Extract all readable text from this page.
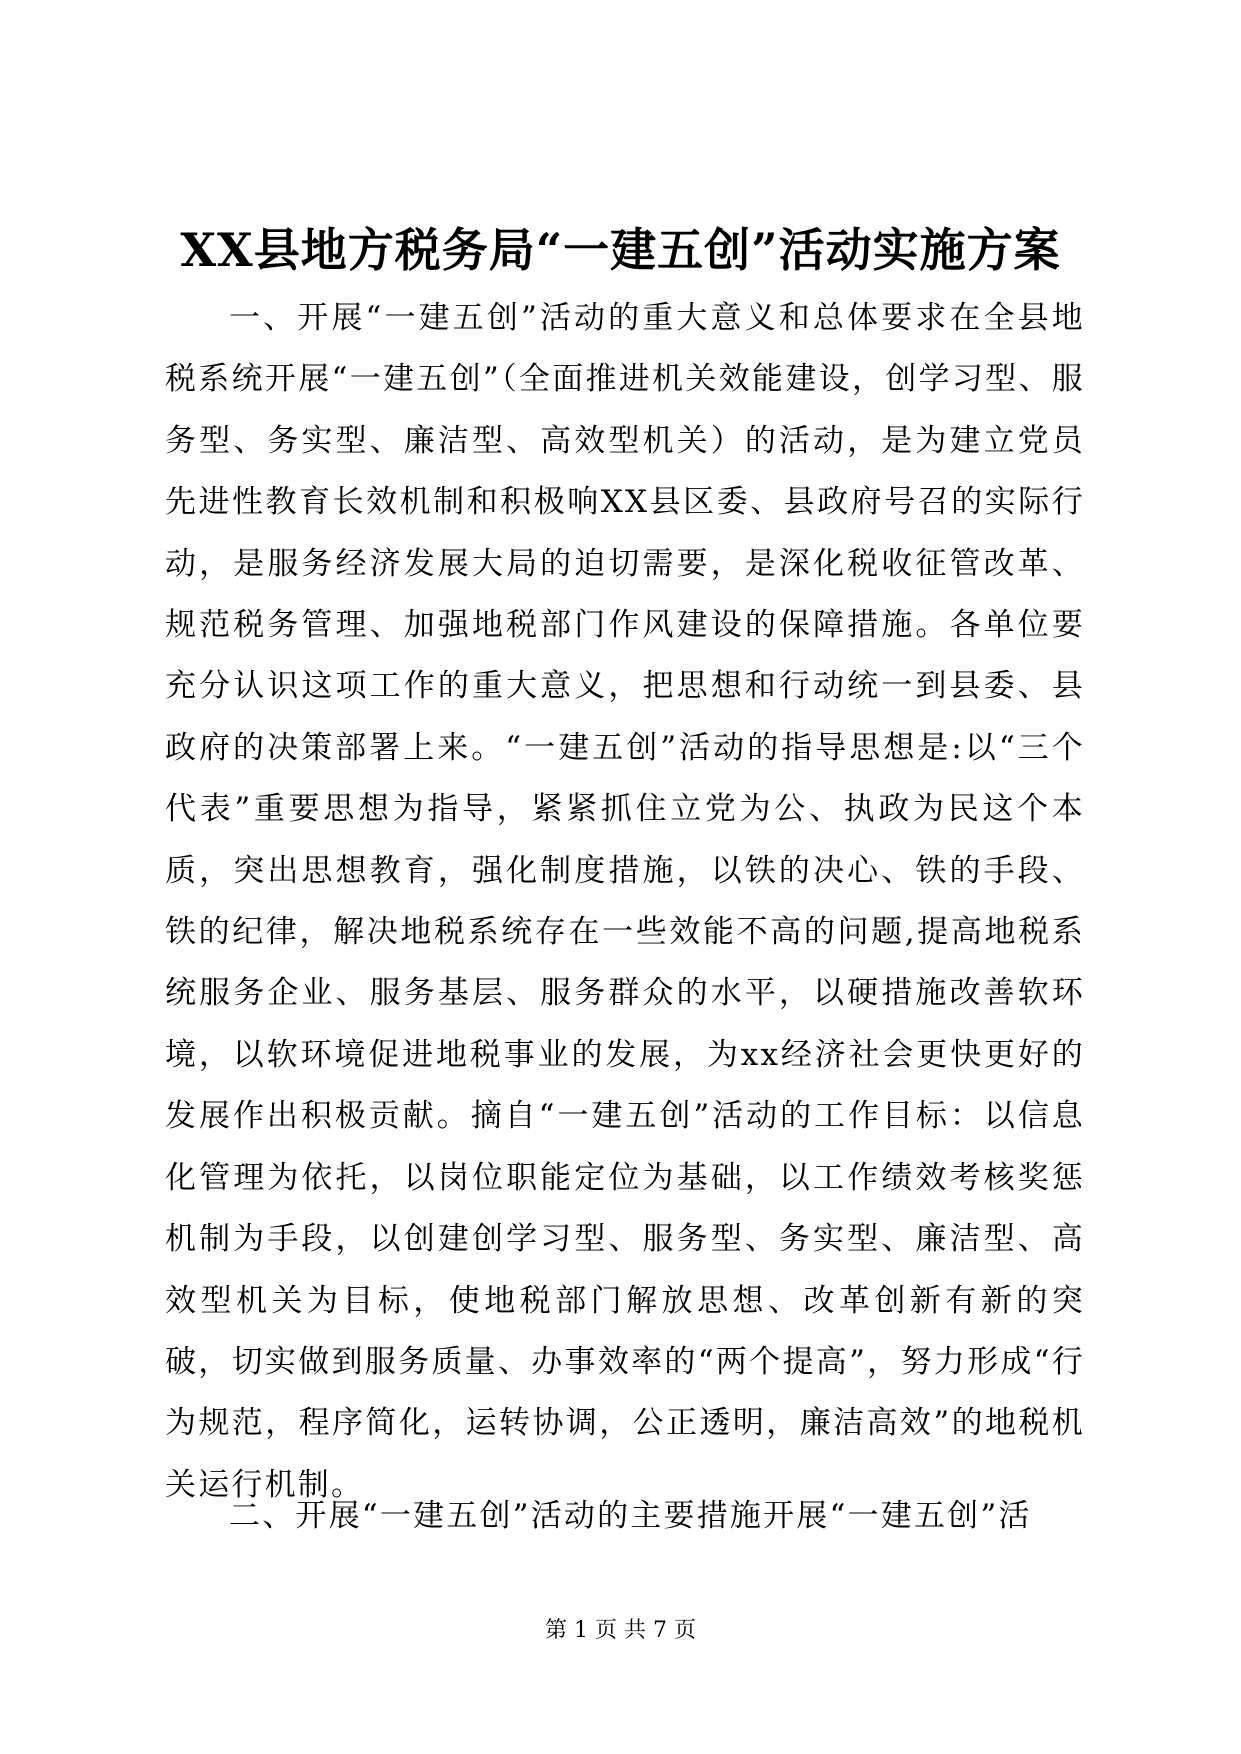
XX县地方税务局“一建五创”活动实施方案

一、开展“一建五创”活动的重大意义和总体要求在全县地税系统开展“一建五创”（全面推进机关效能建设，创学习型、服务型、务实型、廉洁型、高效型机关）的活动，是为建立党员先进性教育长效机制和积极响XX县区委、县政府号召的实际行动，是服务经济发展大局的迫切需要，是深化税收征管改革、规范税务管理、加强地税部门作风建设的保障措施。各单位要充分认识这项工作的重大意义，把思想和行动统一到县委、县政府的决策部署上来。“一建五创”活动的指导思想是:以“三个代表”重要思想为指导，紧紧抓住立党为公、执政为民这个本质，突出思想教育，强化制度措施，以铁的决心、铁的手段、铁的纪律，解决地税系统存在一些效能不高的问题,提高地税系统服务企业、服务基层、服务群众的水平，以硬措施改善软环境，以软环境促进地税事业的发展，为xx经济社会更快更好的发展作出积极贡献。摘自“一建五创”活动的工作目标：以信息化管理为依托，以岗位职能定位为基础，以工作绩效考核奖惩机制为手段，以创建创学习型、服务型、务实型、廉洁型、高效型机关为目标，使地税部门解放思想、改革创新有新的突破，切实做到服务质量、办事效率的“两个提高”，努力形成“行为规范，程序简化，运转协调，公正透明，廉洁高效”的地税机关运行机制。

二、开展“一建五创”活动的主要措施开展“一建五创”活

第 1 页 共 7 页
